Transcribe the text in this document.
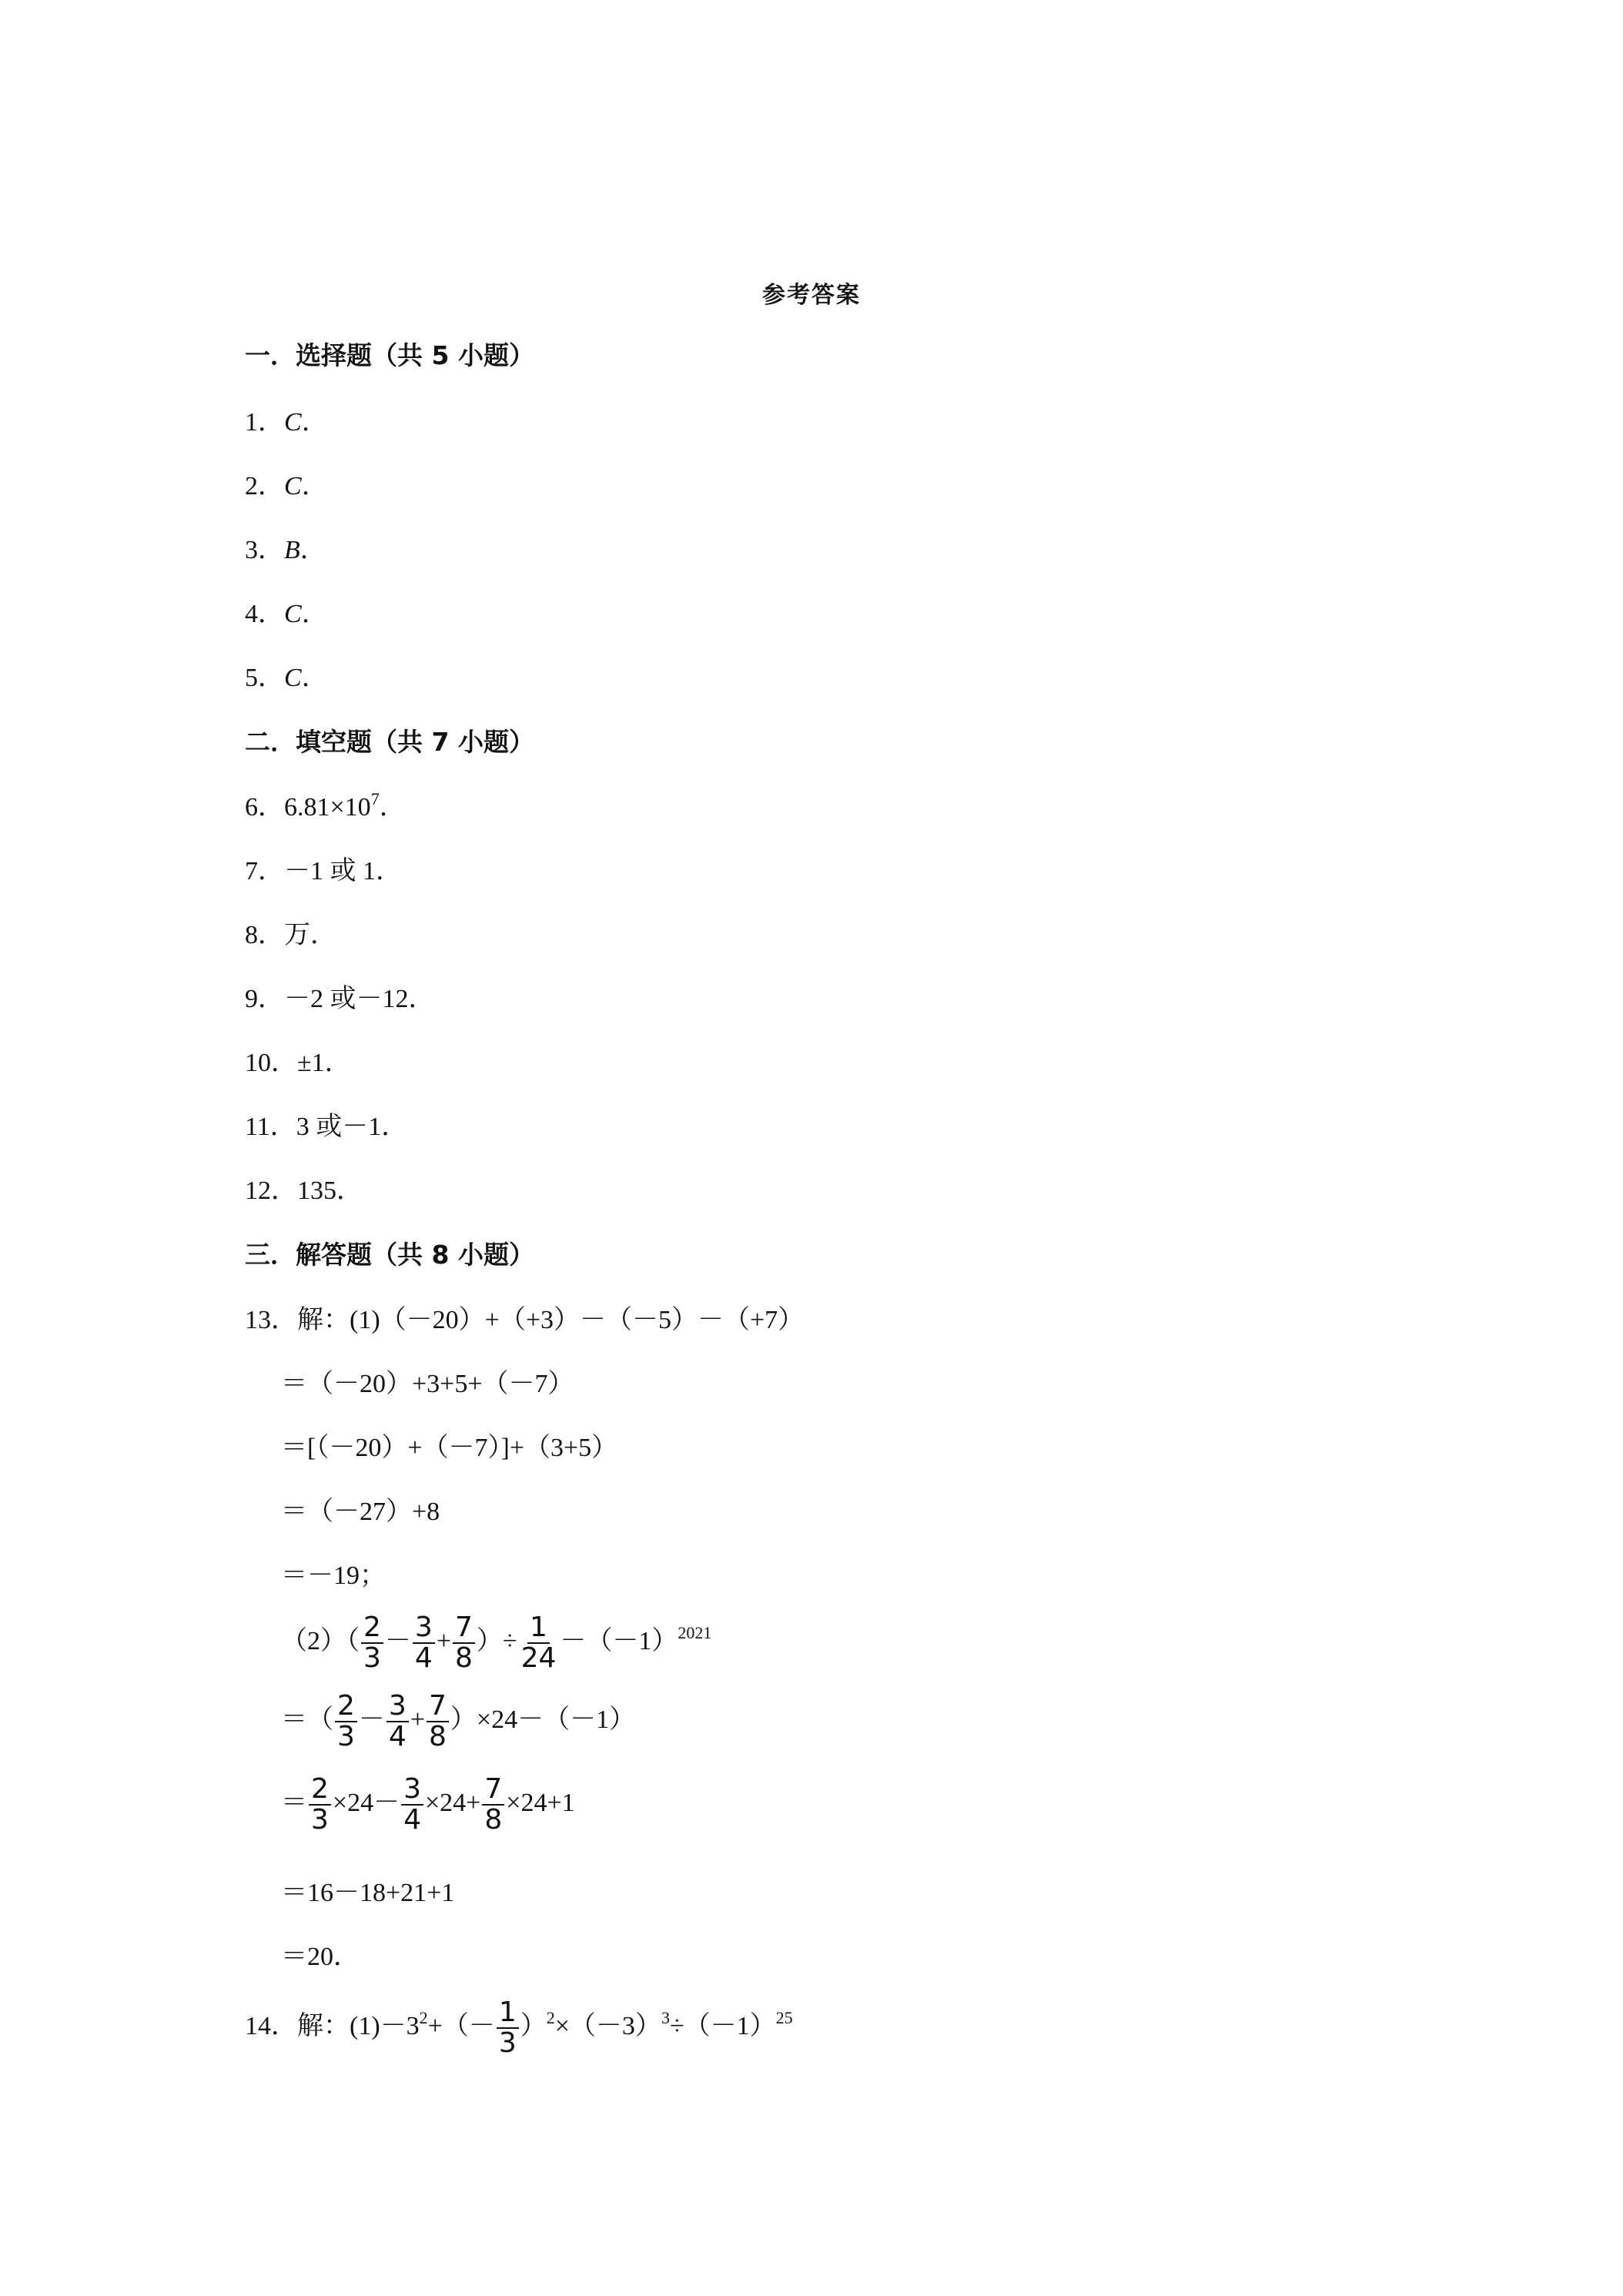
参考答案
一．选择题（共 5 小题）
1．C．
2．C．
3．B．
4．C．
5．C．
二．填空题（共 7 小题）
6．$6.81\times 10^7$．
7．－1 或 1．
8．万．
9．－2 或－12．
10．±1．
11．3 或－1．
12．135．
三．解答题（共 8 小题）
13．解：(1)（－20）+（+3）－（－5）－（+7）
＝（－20）+3+5+（－7）
＝[（－20）+（－7）]+（3+5）
＝（－27）+8
＝－19；
$(2)( \frac{2}{3} - \frac{3}{4} + \frac{7}{8}$ ）÷ $\frac{1}{24} -(-1)^{2021}$
＝（ $\frac{2}{3} - \frac{3}{4} + \frac{7}{8} )\times 24-(-1)$
＝ $\frac{2}{3} \times 24- \frac{3}{4} \times 24+ \frac{7}{8} \times 24+1$
＝16－18+21+1
＝20．
14．解：$(1)-3^2+(- \frac{1}{3} )^2\times(-3)^3\div(-1)^{25}$
